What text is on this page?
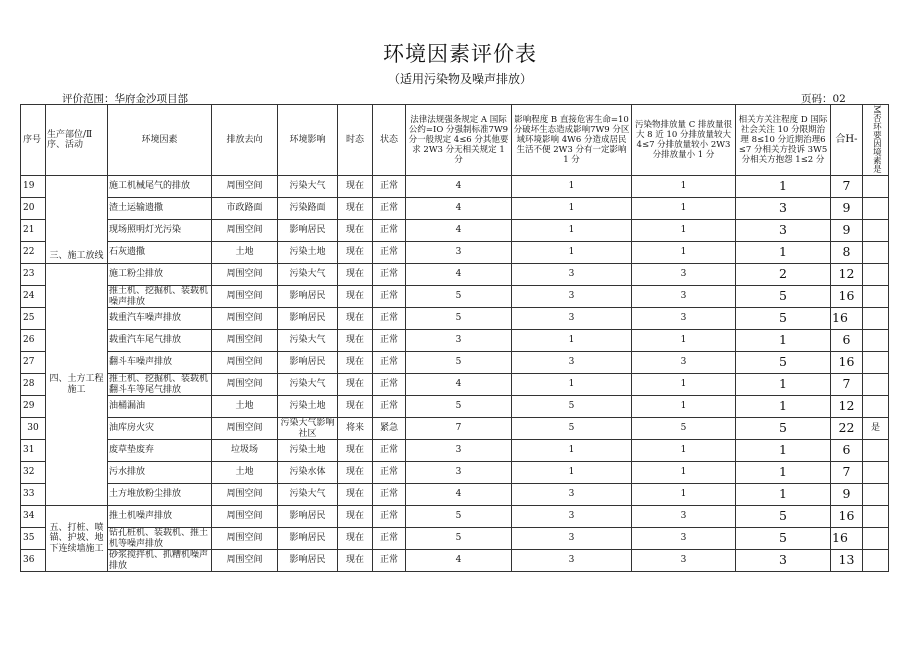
环境因素评价表
（适用污染物及噪声排放）
评价范围：华府金沙项目部	页码：02
序号	生产部位/Ⅱ序、活动	环境因素	排放去向	环境影响	时态	状态	法律法规强条规定 A 国际公约=IO 分强制标准7W9 分一般规定 4≤6 分其他要求 2W3 分无相关规定 1 分	影响程度 B 直接危害生命=10 分破坏生态造成影响7W9 分区域环境影响 4W6 分造成居民生活不便 2W3 分有一定影响 1 分	污染物排放量 C 排放量很大 8 近 10 分排放量较大 4≤7 分排放量较小 2W3 分排放量小 1 分	相关方关注程度 D 国际社会关注 10 分限期治理 8≤10 分近期治理6≤7 分相关方投诉 3W5 分相关方抱怨 1≤2 分	合H-	M否环要因境素是
19	三、施工放线	施工机械尾气的排放	周围空间	污染大气	现在	正常	4	1	1	1	7	
20		渣土运输遗撒	市政路面	污染路面	现在	正常	4	1	1	3	9	
21		现场照明灯光污染	周围空间	影响居民	现在	正常	4	1	1	3	9	
22		石灰遗撒	土地	污染土地	现在	正常	3	1	1	1	8	
23	四、土方工程施工	施工粉尘排放	周围空间	污染大气	现在	正常	4	3	3	2	12	
24		推土机、挖掘机、装载机噪声排放	周围空间	影响居民	现在	正常	5	3	3	5	16	
25		载重汽车噪声排放	周围空间	影响居民	现在	正常	5	3	3	5	16	
26		载重汽车尾气排放	周围空间	污染大气	现在	正常	3	1	1	1	6	
27		翻斗车噪声排放	周围空间	影响居民	现在	正常	5	3	3	5	16	
28		推土机、挖掘机、装载机翻斗车等尾气排放	周围空间	污染大气	现在	正常	4	1	1	1	7	
29		油桶漏油	土地	污染土地	现在	正常	5	5	1	1	12	
30		油库房火灾	周围空间	污染大气影响社区	将来	紧急	7	5	5	5	22	是
31		废草垫废弃	垃圾场	污染土地	现在	正常	3	1	1	1	6	
32		污水排放	土地	污染水体	现在	正常	3	1	1	1	7	
33		土方堆放粉尘排放	周围空间	污染大气	现在	正常	4	3	1	1	9	
34	五、打桩、喷锚、护坡、地下连续墙施工	推土机噪声排放	周围空间	影响居民	现在	正常	5	3	3	5	16	
35		钻孔桩机、装载机、推土机等噪声排放	周围空间	影响居民	现在	正常	5	3	3	5	16	
36		砂浆搅拌机、抓糟机噪声排放	周围空间	影响居民	现在	正常	4	3	3	3	13	
